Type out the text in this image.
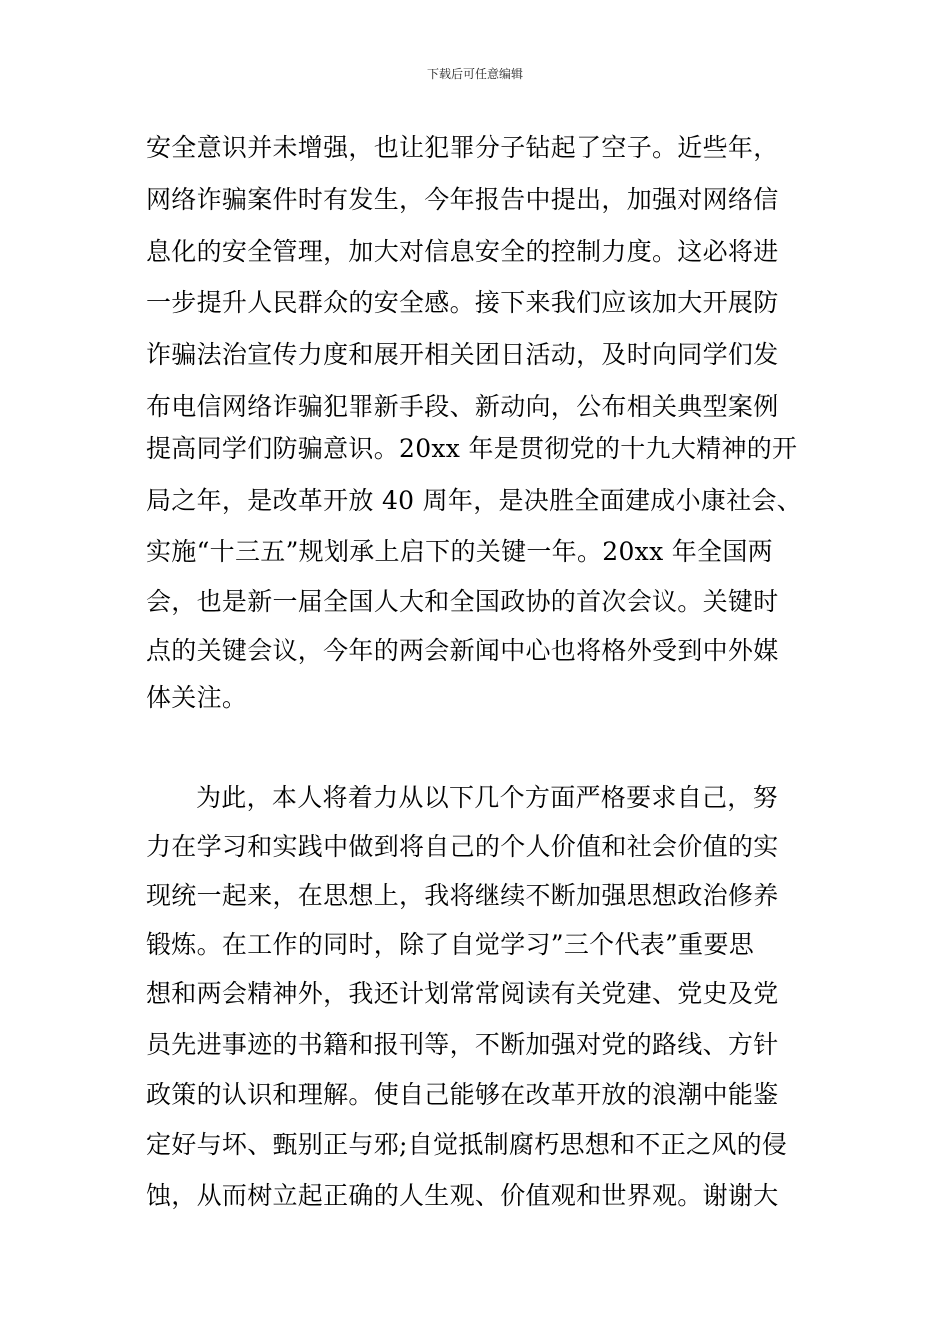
下载后可任意编辑
安全意识并未增强，也让犯罪分子钻起了空子。近些年，
网络诈骗案件时有发生，今年报告中提出，加强对网络信
息化的安全管理，加大对信息安全的控制力度。这必将进
一步提升人民群众的安全感。接下来我们应该加大开展防
诈骗法治宣传力度和展开相关团日活动，及时向同学们发
布电信网络诈骗犯罪新手段、新动向，公布相关典型案例
提高同学们防骗意识。20xx 年是贯彻党的十九大精神的开
局之年，是改革开放 40 周年，是决胜全面建成小康社会、
实施“十三五”规划承上启下的关键一年。20xx 年全国两
会，也是新一届全国人大和全国政协的首次会议。关键时
点的关键会议，今年的两会新闻中心也将格外受到中外媒
体关注。
为此，本人将着力从以下几个方面严格要求自己，努
力在学习和实践中做到将自己的个人价值和社会价值的实
现统一起来，在思想上，我将继续不断加强思想政治修养
锻炼。在工作的同时，除了自觉学习”三个代表”重要思
想和两会精神外，我还计划常常阅读有关党建、党史及党
员先进事迹的书籍和报刊等，不断加强对党的路线、方针
政策的认识和理解。使自己能够在改革开放的浪潮中能鉴
定好与坏、甄别正与邪;自觉抵制腐朽思想和不正之风的侵
蚀，从而树立起正确的人生观、价值观和世界观。谢谢大
